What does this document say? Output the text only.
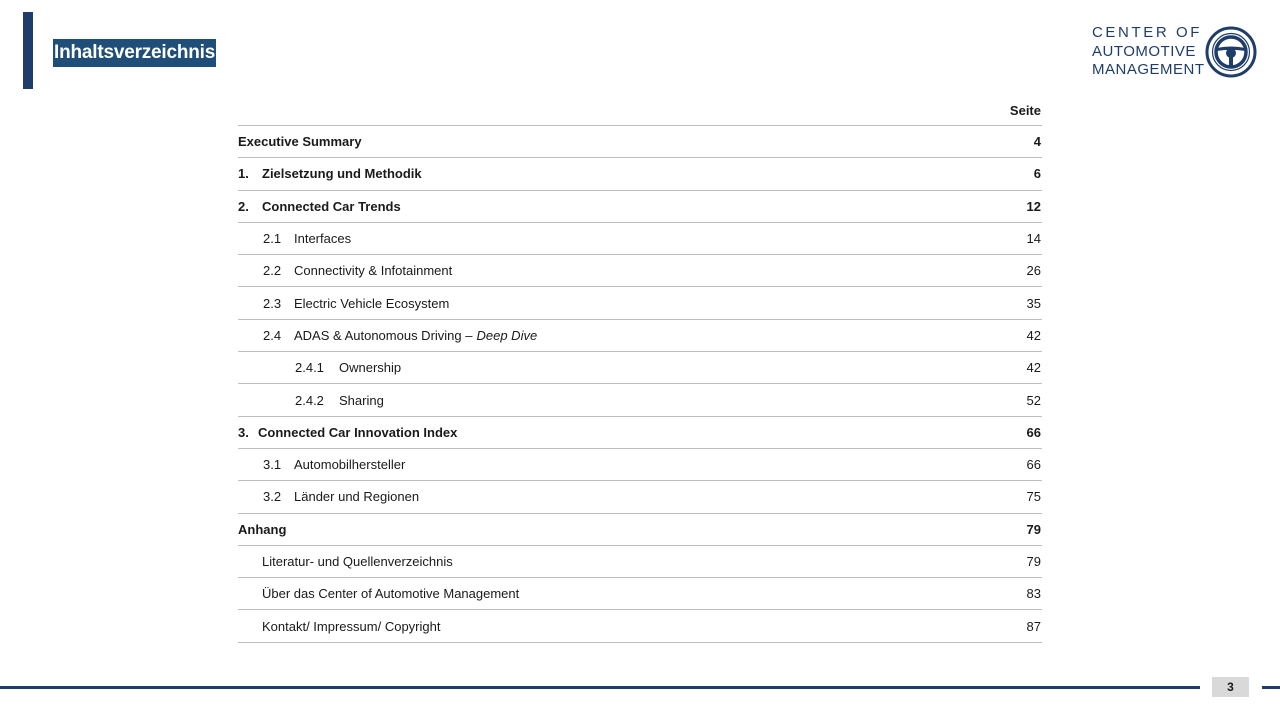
Inhaltsverzeichnis
CENTER OF
AUTOMOTIVE
MANAGEMENT
Seite
Executive Summary	4
1.	Zielsetzung und Methodik	6
2.	Connected Car Trends	12
2.1 Interfaces	14
2.2 Connectivity & Infotainment	26
2.3 Electric Vehicle Ecosystem	35
2.4 ADAS & Autonomous Driving – Deep Dive	42
2.4.1	Ownership	42
2.4.2	Sharing	52
3. Connected Car Innovation Index	66
3.1 Automobilhersteller	66
3.2 Länder und Regionen	75
Anhang	79
Literatur- und Quellenverzeichnis	79
Über das Center of Automotive Management	83
Kontakt/ Impressum/ Copyright	87
3
